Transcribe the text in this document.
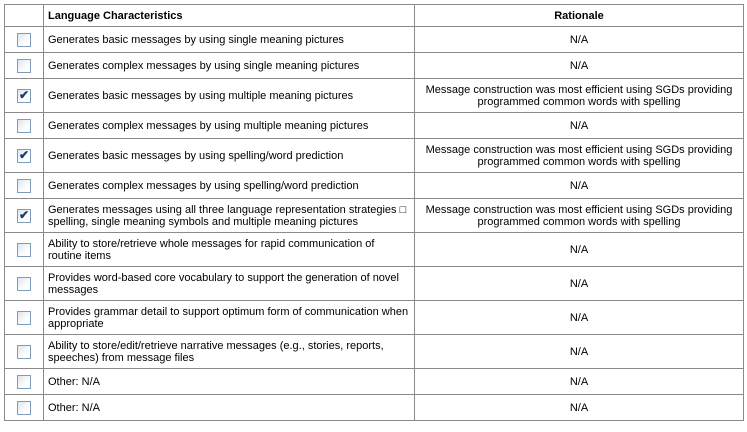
	Language Characteristics	Rationale
	Generates basic messages by using single meaning pictures	N/A
	Generates complex messages by using single meaning pictures	N/A

✔	Generates basic messages by using multiple meaning pictures	Message construction was most efficient using SGDs providing programmed common words with spelling
	Generates complex messages by using multiple meaning pictures	N/A

✔	Generates basic messages by using spelling/word prediction	Message construction was most efficient using SGDs providing programmed common words with spelling
	Generates complex messages by using spelling/word prediction	N/A

✔	Generates messages using all three language representation strategies □ spelling, single meaning symbols and multiple meaning pictures	Message construction was most efficient using SGDs providing programmed common words with spelling
	Ability to store/retrieve whole messages for rapid communication of routine items	N/A
	Provides word-based core vocabulary to support the generation of novel messages	N/A
	Provides grammar detail to support optimum form of communication when appropriate	N/A
	Ability to store/edit/retrieve narrative messages (e.g., stories, reports, speeches) from message files	N/A
	Other: N/A	N/A
	Other: N/A	N/A
